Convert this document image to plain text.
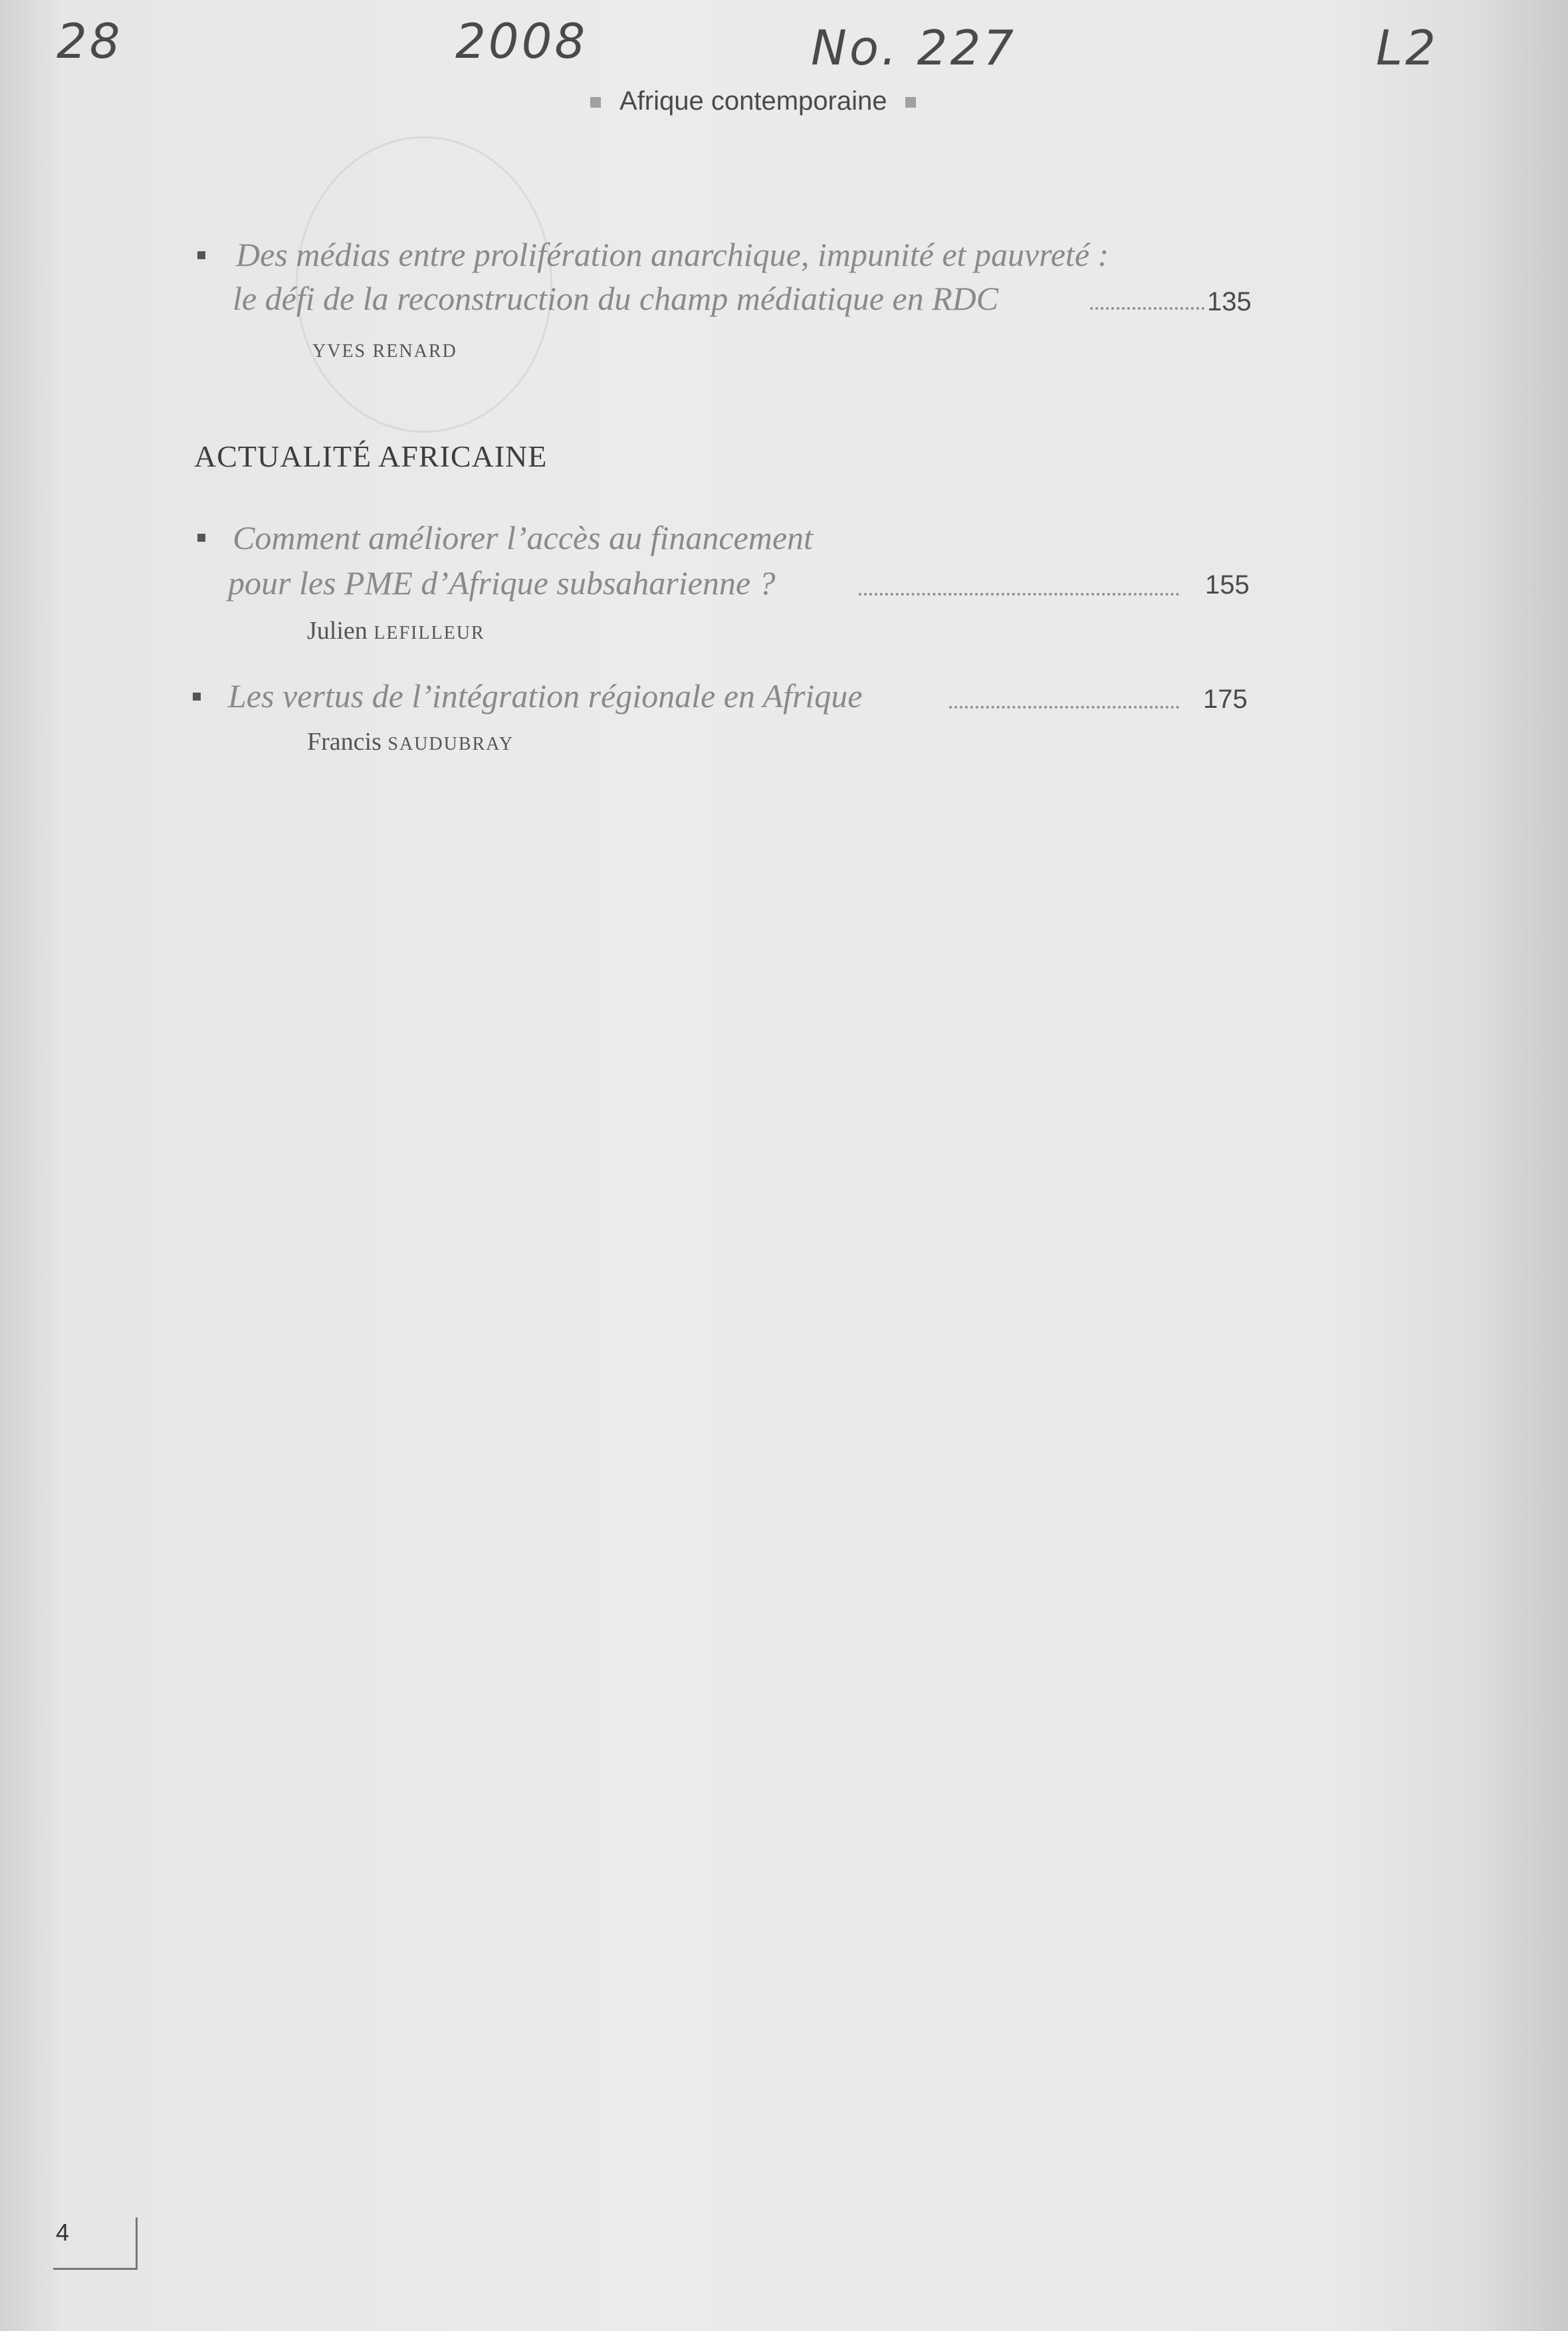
28	2008	No. 227	L2
Afrique contemporaine
Des médias entre prolifération anarchique, impunité et pauvreté :
le défi de la reconstruction du champ médiatique en RDC	135
YVES RENARD
ACTUALITÉ AFRICAINE
Comment améliorer l’accès au financement
pour les PME d’Afrique subsaharienne ?	155
Julien LEFILLEUR
Les vertus de l’intégration régionale en Afrique	175
Francis SAUDUBRAY
4
